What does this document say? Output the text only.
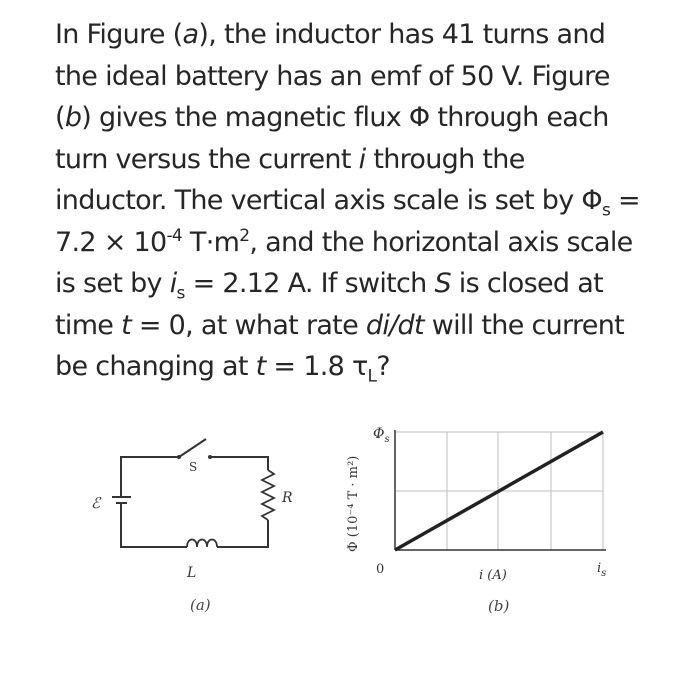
In Figure (a), the inductor has 41 turns and
the ideal battery has an emf of 50 V. Figure
(b) gives the magnetic flux Φ through each
turn versus the current i through the
inductor. The vertical axis scale is set by $\Phi_s$ =
$7.2 \times 10^{-4}$ $T\cdot m^2$, and the horizontal axis scale
is set by $i_s = 2.12$ A. If switch S is closed at
time t = 0, at what rate di/dt will the current
be changing at t = 1.8 $\tau_L$?
ℰ
S
R
L
(a)
Φ (10⁻⁴ T · m²)
$\Phi_s$
0	i (A)	$i_s$
(b)
